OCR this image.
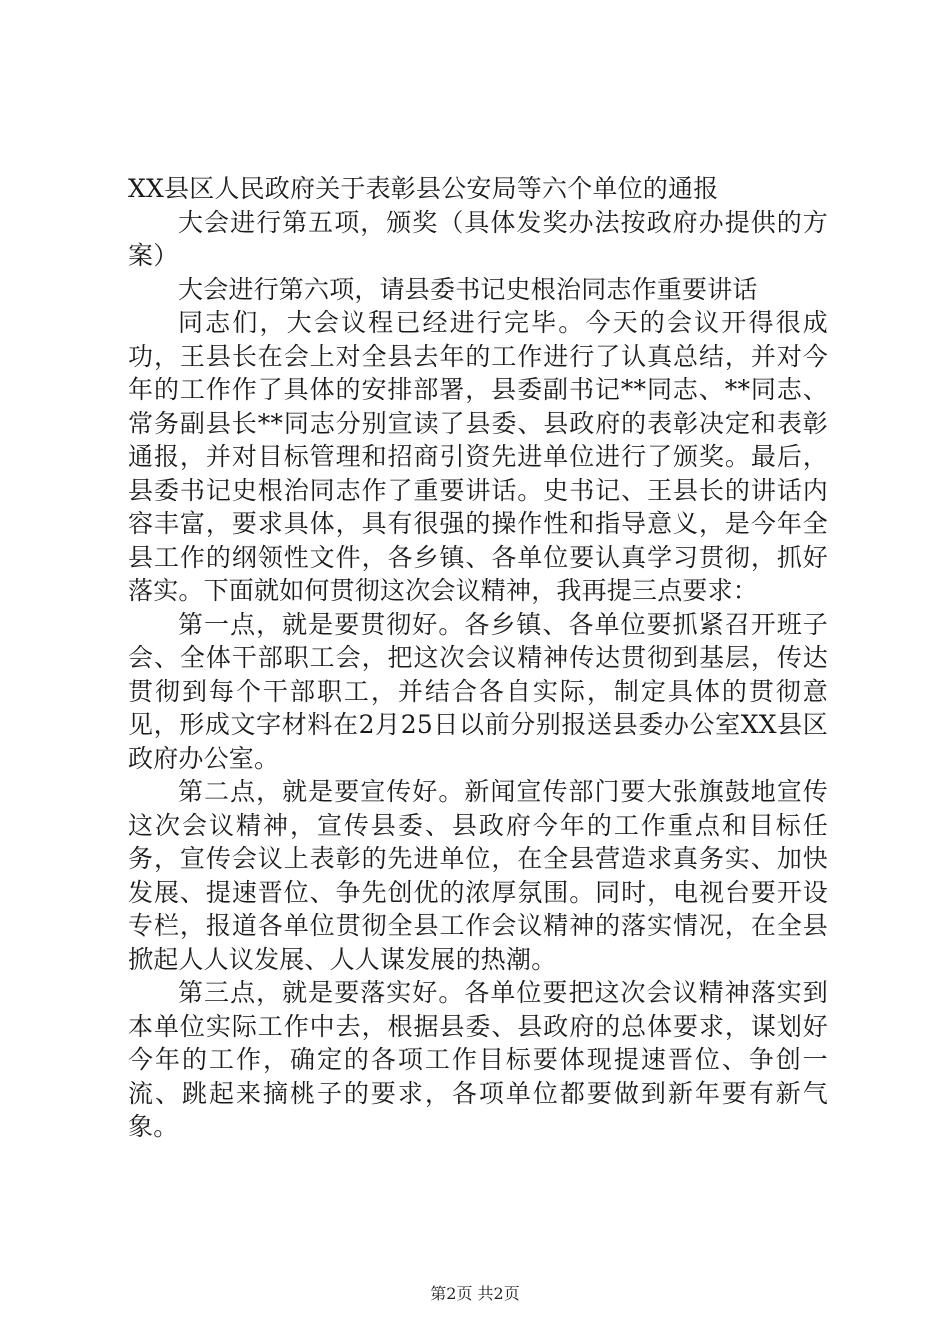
XX县区人民政府关于表彰县公安局等六个单位的通报

大会进行第五项，颁奖（具体发奖办法按政府办提供的方案）

大会进行第六项，请县委书记史根治同志作重要讲话

同志们，大会议程已经进行完毕。今天的会议开得很成功，王县长在会上对全县去年的工作进行了认真总结，并对今年的工作作了具体的安排部署，县委副书记**同志、**同志、常务副县长**同志分别宣读了县委、县政府的表彰决定和表彰通报，并对目标管理和招商引资先进单位进行了颁奖。最后，县委书记史根治同志作了重要讲话。史书记、王县长的讲话内容丰富，要求具体，具有很强的操作性和指导意义，是今年全县工作的纲领性文件，各乡镇、各单位要认真学习贯彻，抓好落实。下面就如何贯彻这次会议精神，我再提三点要求：

第一点，就是要贯彻好。各乡镇、各单位要抓紧召开班子会、全体干部职工会，把这次会议精神传达贯彻到基层，传达贯彻到每个干部职工，并结合各自实际，制定具体的贯彻意见，形成文字材料在2月25日以前分别报送县委办公室XX县区政府办公室。

第二点，就是要宣传好。新闻宣传部门要大张旗鼓地宣传这次会议精神，宣传县委、县政府今年的工作重点和目标任务，宣传会议上表彰的先进单位，在全县营造求真务实、加快发展、提速晋位、争先创优的浓厚氛围。同时，电视台要开设专栏，报道各单位贯彻全县工作会议精神的落实情况，在全县掀起人人议发展、人人谋发展的热潮。

第三点，就是要落实好。各单位要把这次会议精神落实到本单位实际工作中去，根据县委、县政府的总体要求，谋划好今年的工作，确定的各项工作目标要体现提速晋位、争创一流、跳起来摘桃子的要求，各项单位都要做到新年要有新气象。

第2页 共2页
